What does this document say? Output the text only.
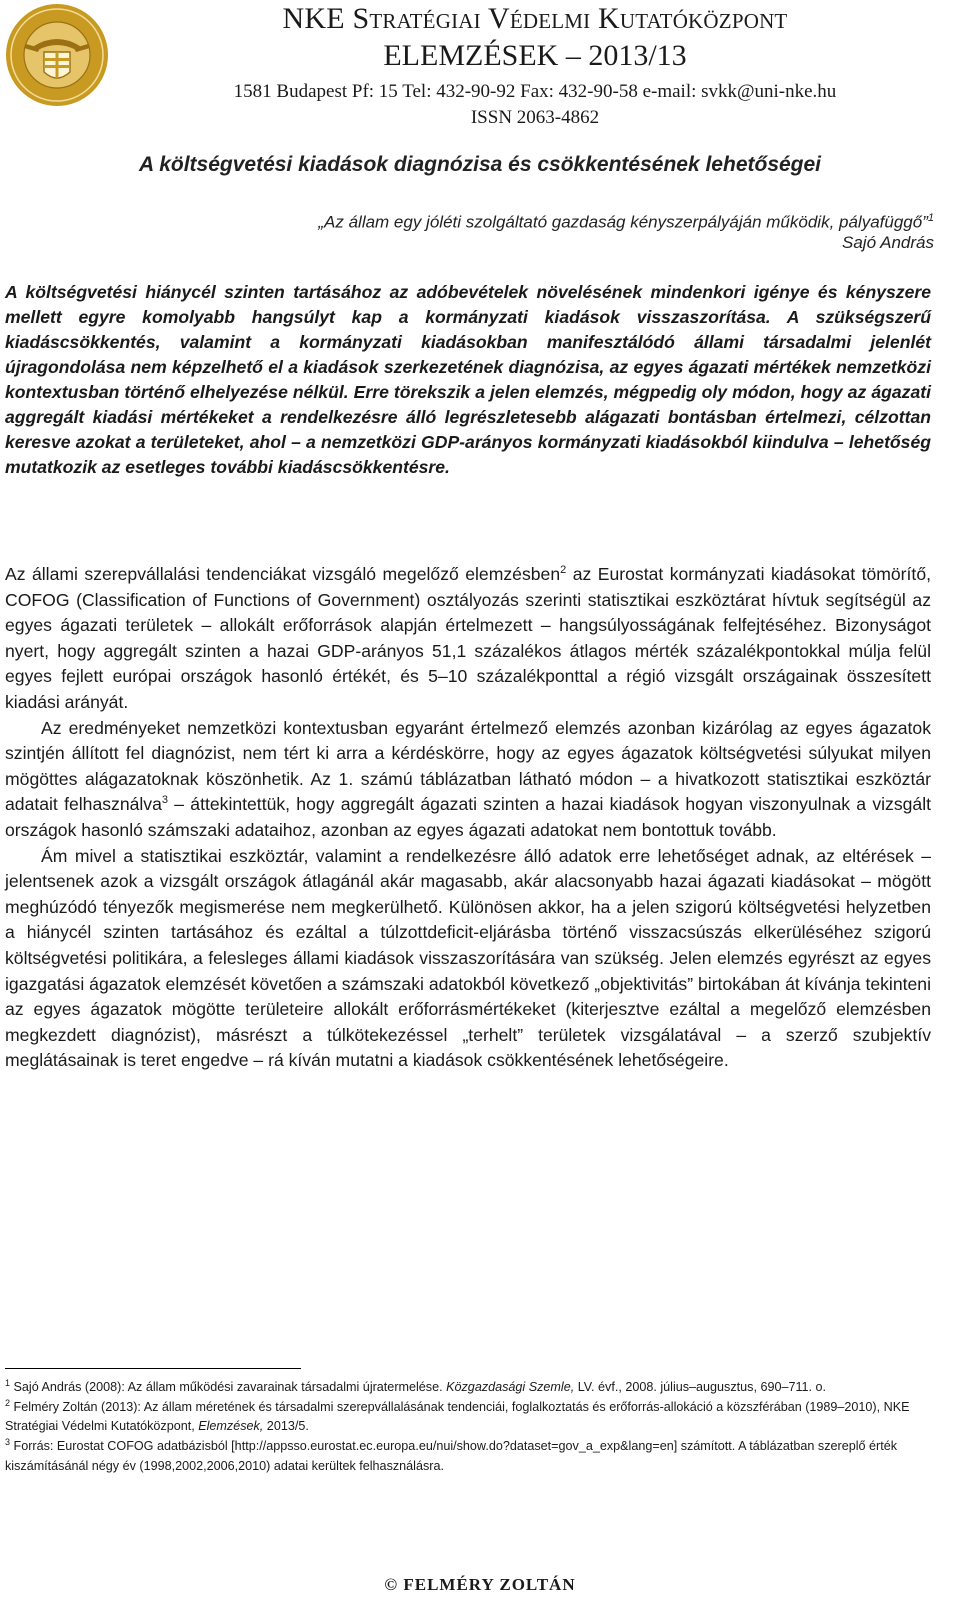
NKE Stratégiai Védelmi Kutatóközpont
ELEMZÉSEK – 2013/13
1581 Budapest Pf: 15 Tel: 432-90-92 Fax: 432-90-58 e-mail: svkk@uni-nke.hu
ISSN 2063-4862
A költségvetési kiadások diagnózisa és csökkentésének lehetőségei
„Az állam egy jóléti szolgáltató gazdaság kényszerpályáján működik, pályafüggő”$^1$
Sajó András

A költségvetési hiánycél szinten tartásához az adóbevételek növelésének mindenkori igénye és kényszere mellett egyre komolyabb hangsúlyt kap a kormányzati kiadások visszaszorítása. A szükségszerű kiadáscsökkentés, valamint a kormányzati kiadásokban manifesztálódó állami társadalmi jelenlét újragondolása nem képzelhető el a kiadások szerkezetének diagnózisa, az egyes ágazati mértékek nemzetközi kontextusban történő elhelyezése nélkül. Erre törekszik a jelen elemzés, mégpedig oly módon, hogy az ágazati aggregált kiadási mértékeket a rendelkezésre álló legrészletesebb alágazati bontásban értelmezi, célzottan keresve azokat a területeket, ahol – a nemzetközi GDP-arányos kormányzati kiadásokból kiindulva – lehetőség mutatkozik az esetleges további kiadáscsökkentésre.

Az állami szerepvállalási tendenciákat vizsgáló megelőző elemzésben$^2$ az Eurostat kormányzati kiadásokat tömörítő, COFOG (Classification of Functions of Government) osztályozás szerinti statisztikai eszköztárat hívtuk segítségül az egyes ágazati területek – allokált erőforrások alapján értelmezett – hangsúlyosságának felfejtéséhez. Bizonyságot nyert, hogy aggregált szinten a hazai GDP-arányos 51,1 százalékos átlagos mérték százalékpontokkal múlja felül egyes fejlett európai országok hasonló értékét, és 5–10 százalékponttal a régió vizsgált országainak összesített kiadási arányát.

Az eredményeket nemzetközi kontextusban egyaránt értelmező elemzés azonban kizárólag az egyes ágazatok szintjén állított fel diagnózist, nem tért ki arra a kérdéskörre, hogy az egyes ágazatok költségvetési súlyukat milyen mögöttes alágazatoknak köszönhetik. Az 1. számú táblázatban látható módon – a hivatkozott statisztikai eszköztár adatait felhasználva$^3$ – áttekintettük, hogy aggregált ágazati szinten a hazai kiadások hogyan viszonyulnak a vizsgált országok hasonló számszaki adataihoz, azonban az egyes ágazati adatokat nem bontottuk tovább.

Ám mivel a statisztikai eszköztár, valamint a rendelkezésre álló adatok erre lehetőséget adnak, az eltérések – jelentsenek azok a vizsgált országok átlagánál akár magasabb, akár alacsonyabb hazai ágazati kiadásokat – mögött meghúzódó tényezők megismerése nem megkerülhető. Különösen akkor, ha a jelen szigorú költségvetési helyzetben a hiánycél szinten tartásához és ezáltal a túlzottdeficit-eljárásba történő visszacsúszás elkerüléséhez szigorú költségvetési politikára, a felesleges állami kiadások visszaszorítására van szükség. Jelen elemzés egyrészt az egyes igazgatási ágazatok elemzését követően a számszaki adatokból következő „objektivitás” birtokában át kívánja tekinteni az egyes ágazatok mögötte területeire allokált erőforrásmértékeket (kiterjesztve ezáltal a megelőző elemzésben megkezdett diagnózist), másrészt a túlkötekezéssel „terhelt” területek vizsgálatával – a szerző szubjektív meglátásainak is teret engedve – rá kíván mutatni a kiadások csökkentésének lehetőségeire.

$^1$ Sajó András (2008): Az állam működési zavarainak társadalmi újratermelése. Közgazdasági Szemle, LV. évf., 2008. július–augusztus, 690–711. o.

$^2$ Felméry Zoltán (2013): Az állam méretének és társadalmi szerepvállalásának tendenciái, foglalkoztatás és erőforrás-allokáció a közszférában (1989–2010), NKE Stratégiai Védelmi Kutatóközpont, Elemzések, 2013/5.

$^3$ Forrás: Eurostat COFOG adatbázisból [http://appsso.eurostat.ec.europa.eu/nui/show.do?dataset=gov_a_exp&lang=en] számított. A táblázatban szereplő érték kiszámításánál négy év (1998,2002,2006,2010) adatai kerültek felhasználásra.

© FELMÉRY ZOLTÁN
